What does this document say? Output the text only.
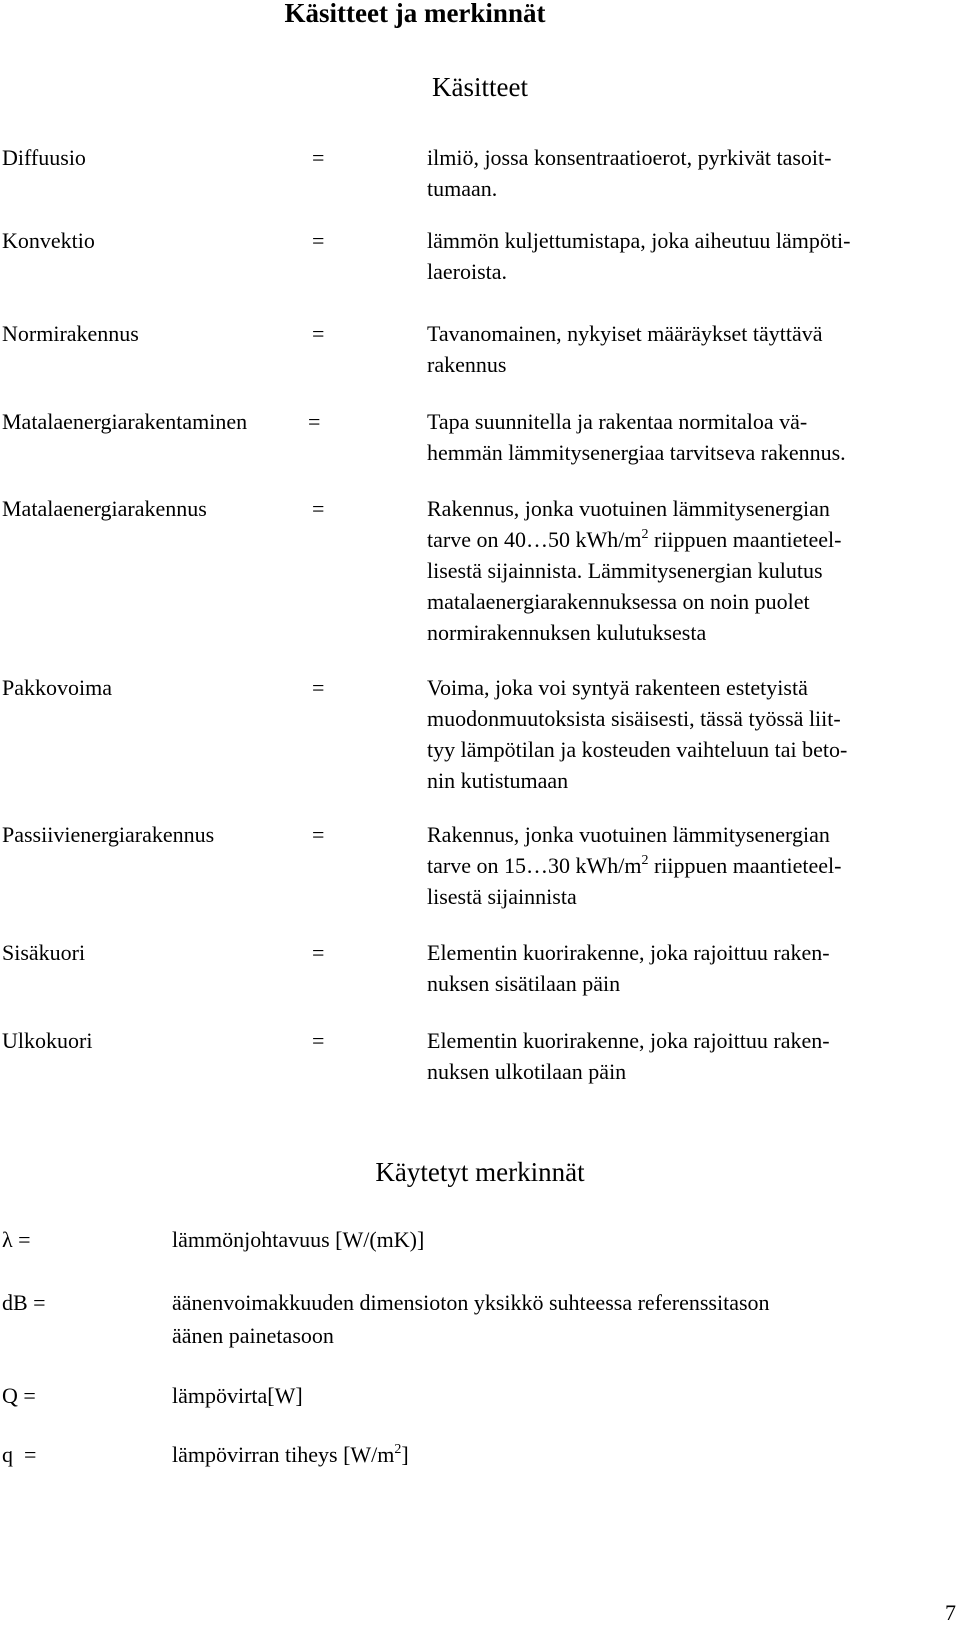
Käsitteet ja merkinnät
Käsitteet
Diffuusio	=	ilmiö, jossa konsentraatioerot, pyrkivät tasoit-
tumaan.
Konvektio	=	lämmön kuljettumistapa, joka aiheutuu lämpöti-
laeroista.
Normirakennus	=	Tavanomainen, nykyiset määräykset täyttävä
rakennus
Matalaenergiarakentaminen	=	Tapa suunnitella ja rakentaa normitaloa vä-
hemmän lämmitysenergiaa tarvitseva rakennus.
Matalaenergiarakennus	=	Rakennus, jonka vuotuinen lämmitysenergian
tarve on 40…50 kWh/$m^2$ riippuen maantieteel-
lisestä sijainnista. Lämmitysenergian kulutus
matalaenergiarakennuksessa on noin puolet
normirakennuksen kulutuksesta
Pakkovoima	=	Voima, joka voi syntyä rakenteen estetyistä
muodonmuutoksista sisäisesti, tässä työssä liit-
tyy lämpötilan ja kosteuden vaihteluun tai beto-
nin kutistumaan
Passiivienergiarakennus	=	Rakennus, jonka vuotuinen lämmitysenergian
tarve on 15…30 kWh/$m^2$ riippuen maantieteel-
lisestä sijainnista
Sisäkuori	=	Elementin kuorirakenne, joka rajoittuu raken-
nuksen sisätilaan päin
Ulkokuori	=	Elementin kuorirakenne, joka rajoittuu raken-
nuksen ulkotilaan päin
Käytetyt merkinnät
λ =	lämmönjohtavuus [W/(mK)]
dB =	äänenvoimakkuuden dimensioton yksikkö suhteessa referenssitason
äänen painetasoon
Q =	lämpövirta[W]
q  =	lämpövirran tiheys $[W/m^2]$
7
